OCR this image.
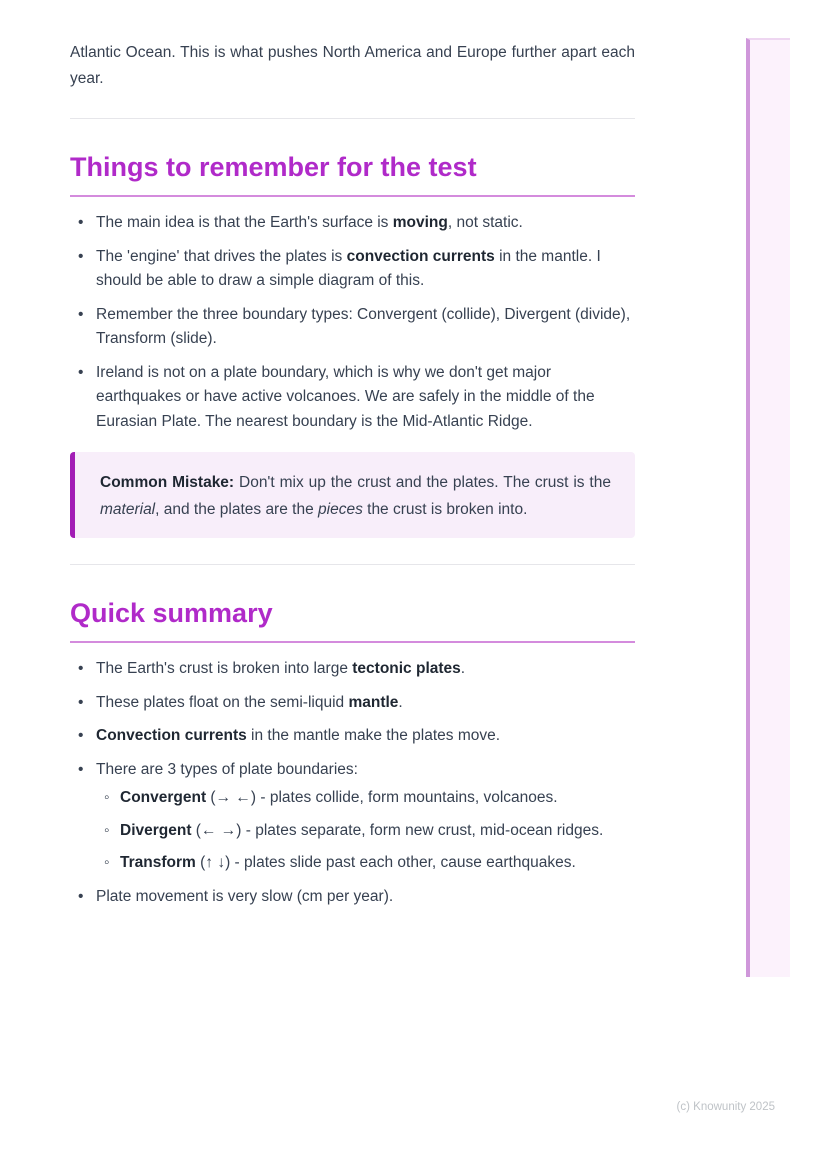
Atlantic Ocean. This is what pushes North America and Europe further apart each year.

Things to remember for the test
• The main idea is that the Earth's surface is moving, not static.
• The 'engine' that drives the plates is convection currents in the mantle. I should be able to draw a simple diagram of this.
• Remember the three boundary types: Convergent (collide), Divergent (divide), Transform (slide).
• Ireland is not on a plate boundary, which is why we don't get major earthquakes or have active volcanoes. We are safely in the middle of the Eurasian Plate. The nearest boundary is the Mid-Atlantic Ridge.

Common Mistake: Don't mix up the crust and the plates. The crust is the material, and the plates are the pieces the crust is broken into.

Quick summary
• The Earth's crust is broken into large tectonic plates.
• These plates float on the semi-liquid mantle.
• Convection currents in the mantle make the plates move.
• There are 3 types of plate boundaries:
◦ Convergent (→ ←) - plates collide, form mountains, volcanoes.
◦ Divergent (← →) - plates separate, form new crust, mid-ocean ridges.
◦ Transform (↑ ↓) - plates slide past each other, cause earthquakes.
• Plate movement is very slow (cm per year).
(c) Knowunity 2025
